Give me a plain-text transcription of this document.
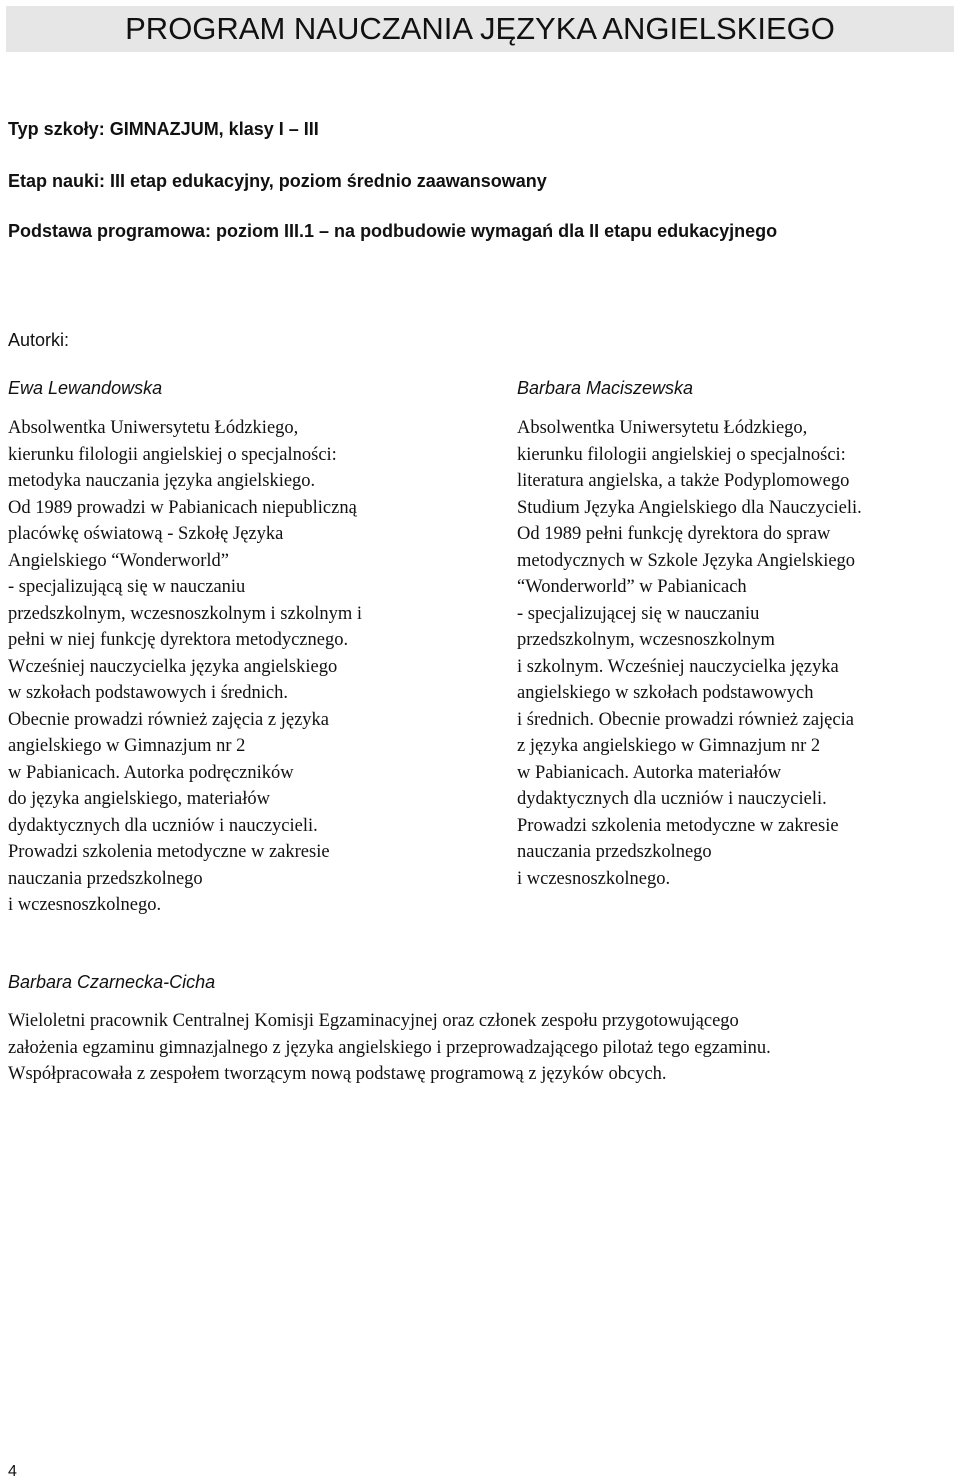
PROGRAM NAUCZANIA JĘZYKA ANGIELSKIEGO
Typ szkoły: GIMNAZJUM, klasy I – III
Etap nauki: III etap edukacyjny, poziom średnio zaawansowany
Podstawa programowa: poziom III.1 – na podbudowie wymagań dla II etapu edukacyjnego
Autorki:
Ewa Lewandowska
Absolwentka Uniwersytetu Łódzkiego,
kierunku filologii angielskiej o specjalności:
metodyka nauczania języka angielskiego.
Od 1989 prowadzi w Pabianicach niepubliczną
placówkę oświatową - Szkołę Języka
Angielskiego “Wonderworld”
- specjalizującą się w nauczaniu
przedszkolnym, wczesnoszkolnym i szkolnym i
pełni w niej funkcję dyrektora metodycznego.
Wcześniej nauczycielka języka angielskiego
w szkołach podstawowych i średnich.
Obecnie prowadzi również zajęcia z języka
angielskiego w Gimnazjum nr 2
w Pabianicach. Autorka podręczników
do języka angielskiego, materiałów
dydaktycznych dla uczniów i nauczycieli.
Prowadzi szkolenia metodyczne w zakresie
nauczania przedszkolnego
i wczesnoszkolnego.
Barbara Maciszewska
Absolwentka Uniwersytetu Łódzkiego,
kierunku filologii angielskiej o specjalności:
literatura angielska, a także Podyplomowego
Studium Języka Angielskiego dla Nauczycieli.
Od 1989 pełni funkcję dyrektora do spraw
metodycznych w Szkole Języka Angielskiego
“Wonderworld” w Pabianicach
- specjalizującej się w nauczaniu
przedszkolnym, wczesnoszkolnym
i szkolnym. Wcześniej nauczycielka języka
angielskiego w szkołach podstawowych
i średnich. Obecnie prowadzi również zajęcia
z języka angielskiego w Gimnazjum nr 2
w Pabianicach. Autorka materiałów
dydaktycznych dla uczniów i nauczycieli.
Prowadzi szkolenia metodyczne w zakresie
nauczania przedszkolnego
i wczesnoszkolnego.
Barbara Czarnecka-Cicha
Wieloletni pracownik Centralnej Komisji Egzaminacyjnej oraz członek zespołu przygotowującego
założenia egzaminu gimnazjalnego z języka angielskiego i przeprowadzającego pilotaż tego egzaminu.
Współpracowała z zespołem tworzącym nową podstawę programową z języków obcych.
4
